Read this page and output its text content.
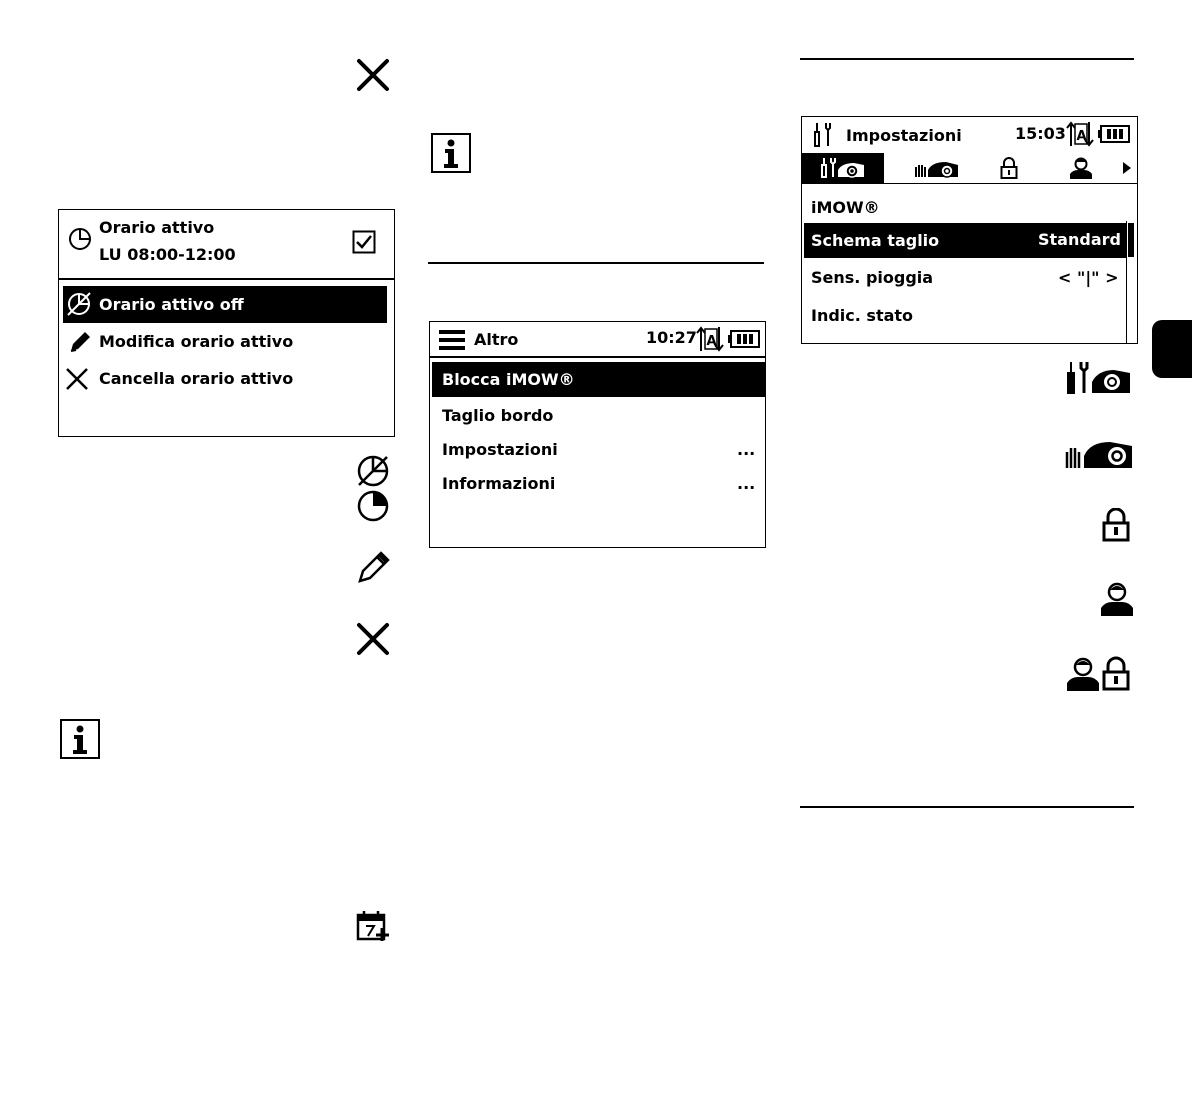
Orario attivo
LU 08:00-12:00
Orario attivo off
Modifica orario attivo
Cancella orario attivo
Altro	10:27 A
Blocca iMOW®
Taglio bordo
Impostazioni	...
Informazioni	...
Impostazioni	15:03 A
iMOW®
Schema taglio	Standard
Sens. pioggia	< "|" >
Indic. stato
